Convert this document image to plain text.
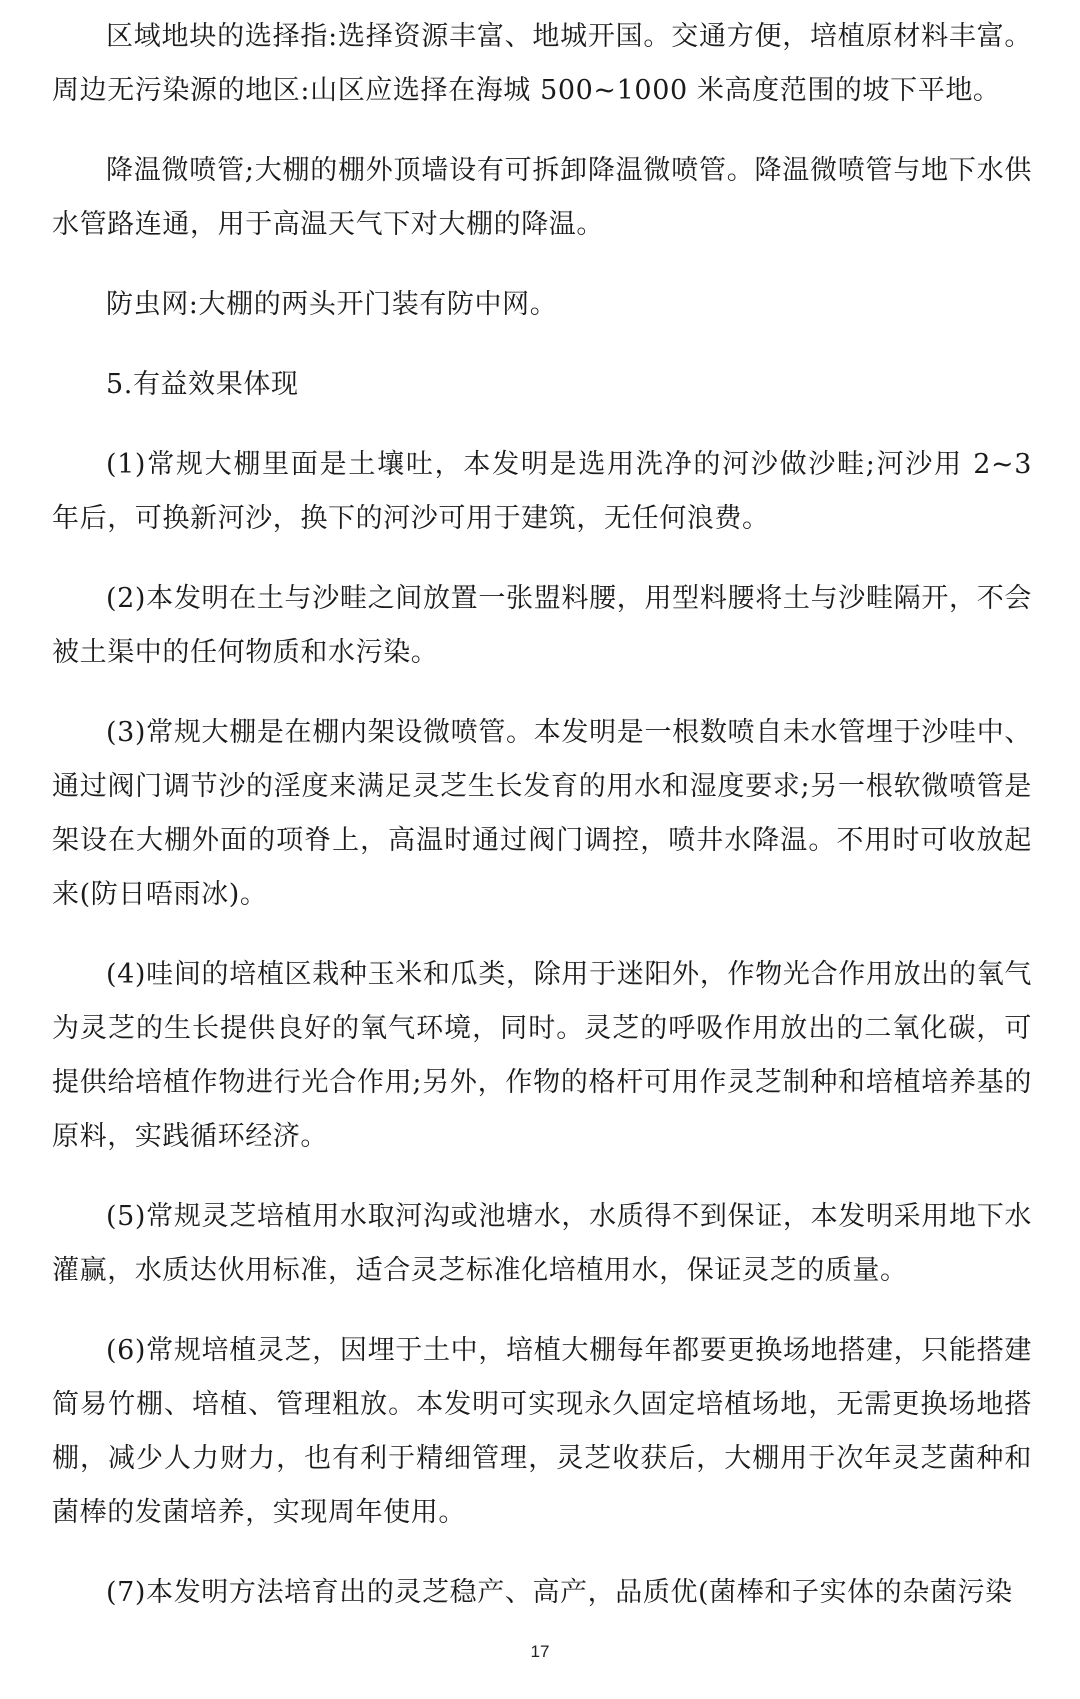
区域地块的选择指:选择资源丰富、地城开国。交通方便，培植原材料丰富。周边无污染源的地区:山区应选择在海城 500~1000 米高度范围的坡下平地。

降温微喷管;大棚的棚外顶墙设有可拆卸降温微喷管。降温微喷管与地下水供水管路连通，用于高温天气下对大棚的降温。

防虫网:大棚的两头开门装有防中网。

5.有益效果体现

(1)常规大棚里面是土壤吐，本发明是选用洗净的河沙做沙畦;河沙用 2~3 年后，可换新河沙，换下的河沙可用于建筑，无任何浪费。

(2)本发明在土与沙畦之间放置一张盟料腰，用型料腰将土与沙畦隔开，不会被土渠中的任何物质和水污染。

(3)常规大棚是在棚内架设微喷管。本发明是一根数喷自未水管埋于沙哇中、通过阀门调节沙的淫度来满足灵芝生长发育的用水和湿度要求;另一根软微喷管是架设在大棚外面的项脊上，高温时通过阀门调控，喷井水降温。不用时可收放起来(防日唔雨冰)。

(4)哇间的培植区栽种玉米和瓜类，除用于迷阳外，作物光合作用放出的氧气为灵芝的生长提供良好的氧气环境，同时。灵芝的呼吸作用放出的二氧化碳，可提供给培植作物进行光合作用;另外，作物的格杆可用作灵芝制种和培植培养基的原料，实践循环经济。

(5)常规灵芝培植用水取河沟或池塘水，水质得不到保证，本发明采用地下水灌赢，水质达伙用标准，适合灵芝标准化培植用水，保证灵芝的质量。

(6)常规培植灵芝，因埋于土中，培植大棚每年都要更换场地搭建，只能搭建简易竹棚、培植、管理粗放。本发明可实现永久固定培植场地，无需更换场地搭棚，减少人力财力，也有利于精细管理，灵芝收获后，大棚用于次年灵芝菌种和菌棒的发菌培养，实现周年使用。

(7)本发明方法培育出的灵芝稳产、高产，品质优(菌棒和子实体的杂菌污染

17
